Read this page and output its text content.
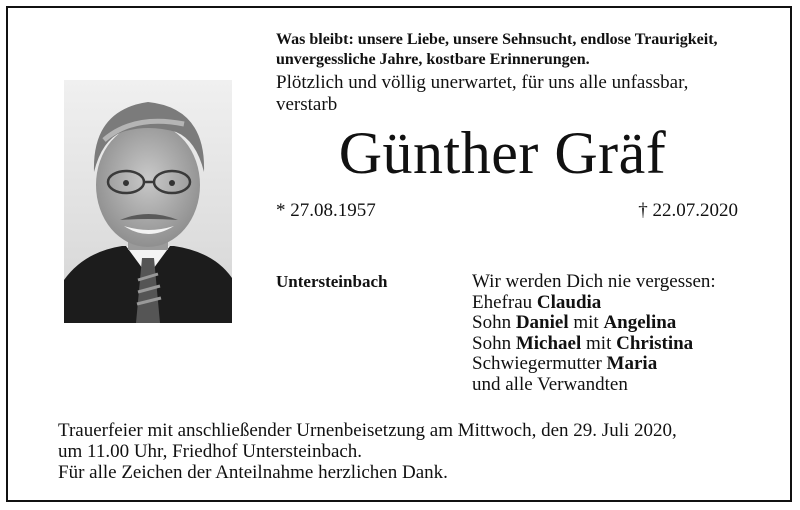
Was bleibt: unsere Liebe, unsere Sehnsucht, endlose Traurigkeit,
unvergessliche Jahre, kostbare Erinnerungen.
Plötzlich und völlig unerwartet, für uns alle unfassbar,
verstarb
Günther Gräf
* 27.08.1957	† 22.07.2020
Untersteinbach	Wir werden Dich nie vergessen:
Ehefrau Claudia
Sohn Daniel mit Angelina
Sohn Michael mit Christina
Schwiegermutter Maria
und alle Verwandten
Trauerfeier mit anschließender Urnenbeisetzung am Mittwoch, den 29. Juli 2020,
um 11.00 Uhr, Friedhof Untersteinbach.
Für alle Zeichen der Anteilnahme herzlichen Dank.
